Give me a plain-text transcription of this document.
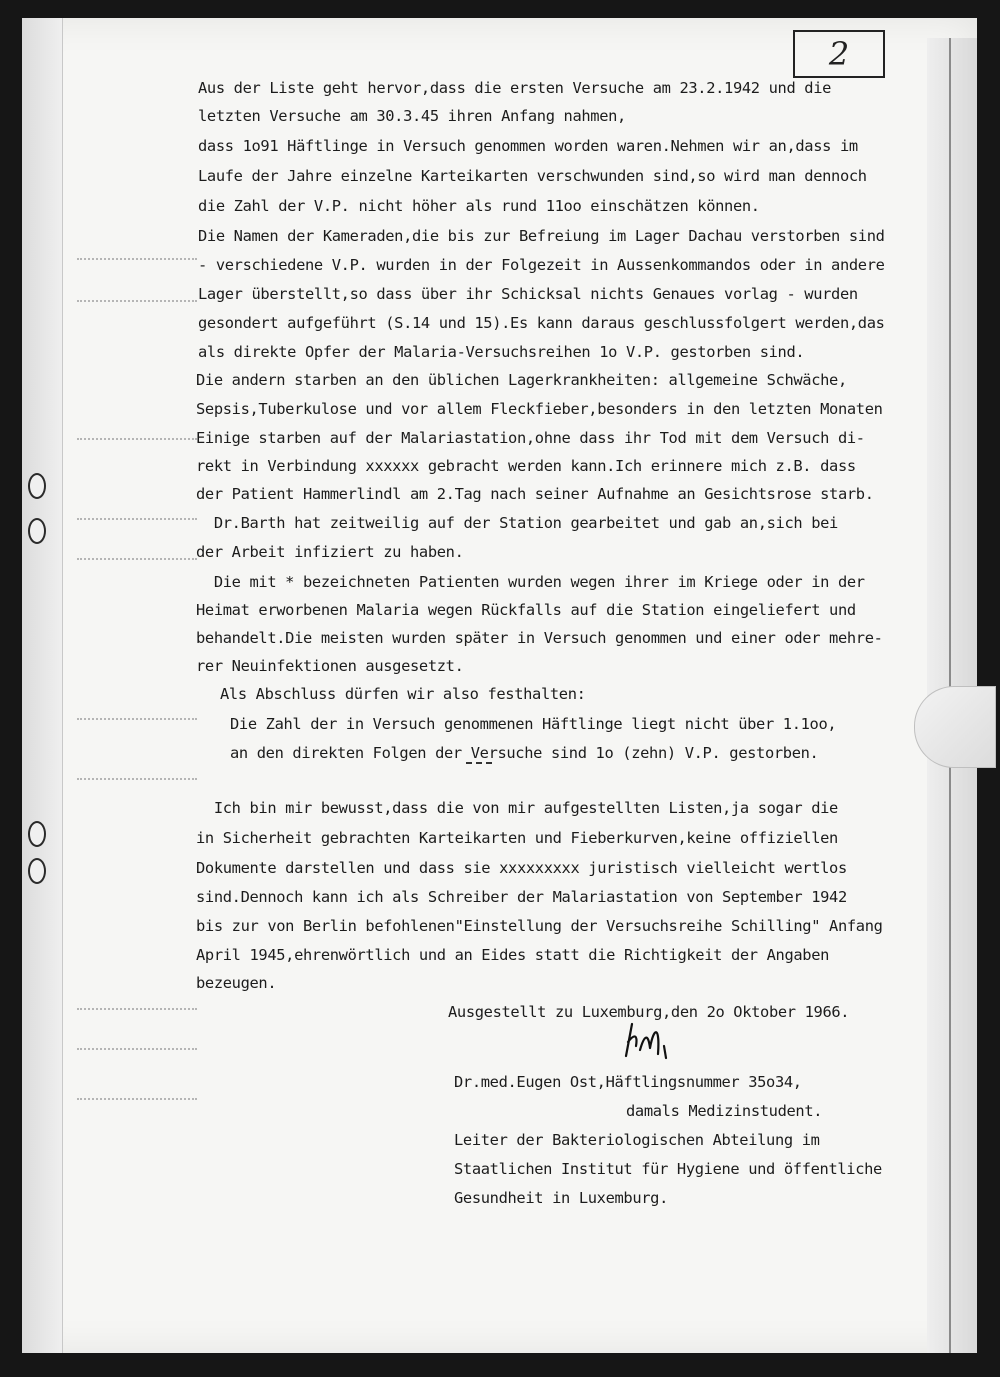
2

Aus der Liste geht hervor,dass die ersten Versuche am 23.2.1942 und die

letzten Versuche am 30.3.45 ihren Anfang nahmen,

dass 1o91 Häftlinge in Versuch genommen worden waren.Nehmen wir an,dass im

Laufe der Jahre einzelne Karteikarten verschwunden sind,so wird man dennoch

die Zahl der V.P. nicht höher als rund 11oo einschätzen können.

Die Namen der Kameraden,die bis zur Befreiung im Lager Dachau verstorben sind

- verschiedene V.P. wurden in der Folgezeit in Aussenkommandos oder in andere

Lager überstellt,so dass über ihr Schicksal nichts Genaues vorlag - wurden

gesondert aufgeführt (S.14 und 15).Es kann daraus geschlussfolgert werden,das

als direkte Opfer der Malaria-Versuchsreihen 1o V.P. gestorben sind.

Die andern starben an den üblichen Lagerkrankheiten: allgemeine Schwäche,

Sepsis,Tuberkulose und vor allem Fleckfieber,besonders in den letzten Monaten

Einige starben auf der Malariastation,ohne dass ihr Tod mit dem Versuch di-

rekt in Verbindung xxxxxx gebracht werden kann.Ich erinnere mich z.B. dass

der Patient Hammerlindl am 2.Tag nach seiner Aufnahme an Gesichtsrose starb.

Dr.Barth hat zeitweilig auf der Station gearbeitet und gab an,sich bei

der Arbeit infiziert zu haben.

Die mit * bezeichneten Patienten wurden wegen ihrer im Kriege oder in der

Heimat erworbenen Malaria wegen Rückfalls auf die Station eingeliefert und

behandelt.Die meisten wurden später in Versuch genommen und einer oder mehre-

rer Neuinfektionen ausgesetzt.

Als Abschluss dürfen wir also festhalten:

Die Zahl der in Versuch genommenen Häftlinge liegt nicht über 1.1oo,

an den direkten Folgen der Versuche sind 1o (zehn) V.P. gestorben.

Ich bin mir bewusst,dass die von mir aufgestellten Listen,ja sogar die

in Sicherheit gebrachten Karteikarten und Fieberkurven,keine offiziellen

Dokumente darstellen und dass sie xxxxxxxxx juristisch vielleicht wertlos

sind.Dennoch kann ich als Schreiber der Malariastation von September 1942

bis zur von Berlin befohlenen"Einstellung der Versuchsreihe Schilling" Anfang

April 1945,ehrenwörtlich und an Eides statt die Richtigkeit der Angaben

bezeugen.

Ausgestellt zu Luxemburg,den 2o Oktober 1966.

Dr.med.Eugen Ost,Häftlingsnummer 35o34,

damals Medizinstudent.

Leiter der Bakteriologischen Abteilung im

Staatlichen Institut für Hygiene und öffentliche

Gesundheit in Luxemburg.
